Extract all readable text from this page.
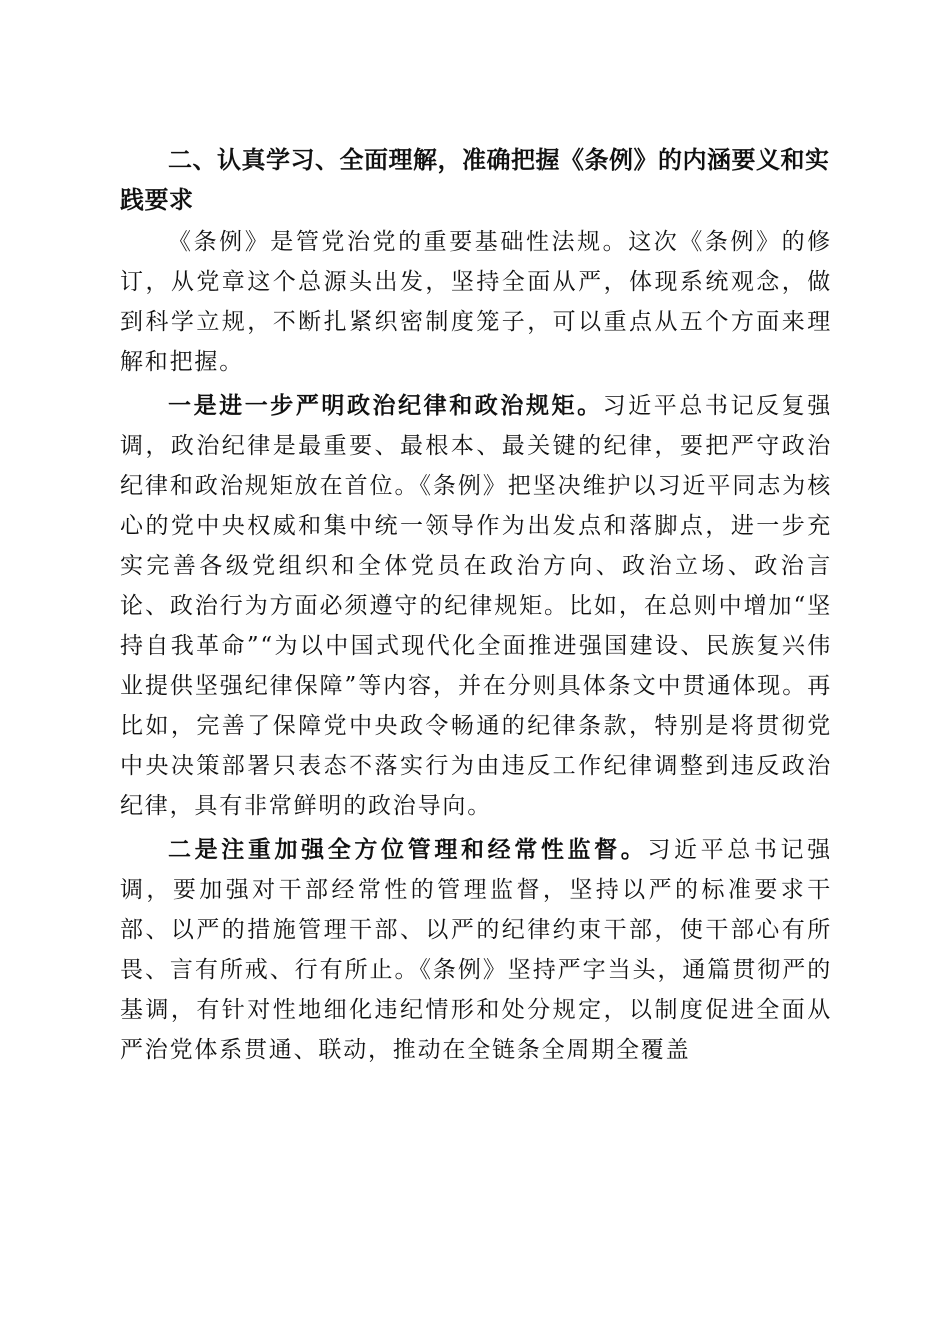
二、认真学习、全面理解，准确把握《条例》的内涵要义和实践要求

《条例》是管党治党的重要基础性法规。这次《条例》的修订，从党章这个总源头出发，坚持全面从严，体现系统观念，做到科学立规，不断扎紧织密制度笼子，可以重点从五个方面来理解和把握。

一是进一步严明政治纪律和政治规矩。习近平总书记反复强调，政治纪律是最重要、最根本、最关键的纪律，要把严守政治纪律和政治规矩放在首位。《条例》把坚决维护以习近平同志为核心的党中央权威和集中统一领导作为出发点和落脚点，进一步充实完善各级党组织和全体党员在政治方向、政治立场、政治言论、政治行为方面必须遵守的纪律规矩。比如，在总则中增加“坚持自我革命”“为以中国式现代化全面推进强国建设、民族复兴伟业提供坚强纪律保障”等内容，并在分则具体条文中贯通体现。再比如，完善了保障党中央政令畅通的纪律条款，特别是将贯彻党中央决策部署只表态不落实行为由违反工作纪律调整到违反政治纪律，具有非常鲜明的政治导向。

二是注重加强全方位管理和经常性监督。习近平总书记强调，要加强对干部经常性的管理监督，坚持以严的标准要求干部、以严的措施管理干部、以严的纪律约束干部，使干部心有所畏、言有所戒、行有所止。《条例》坚持严字当头，通篇贯彻严的基调，有针对性地细化违纪情形和处分规定，以制度促进全面从严治党体系贯通、联动，推动在全链条全周期全覆盖
